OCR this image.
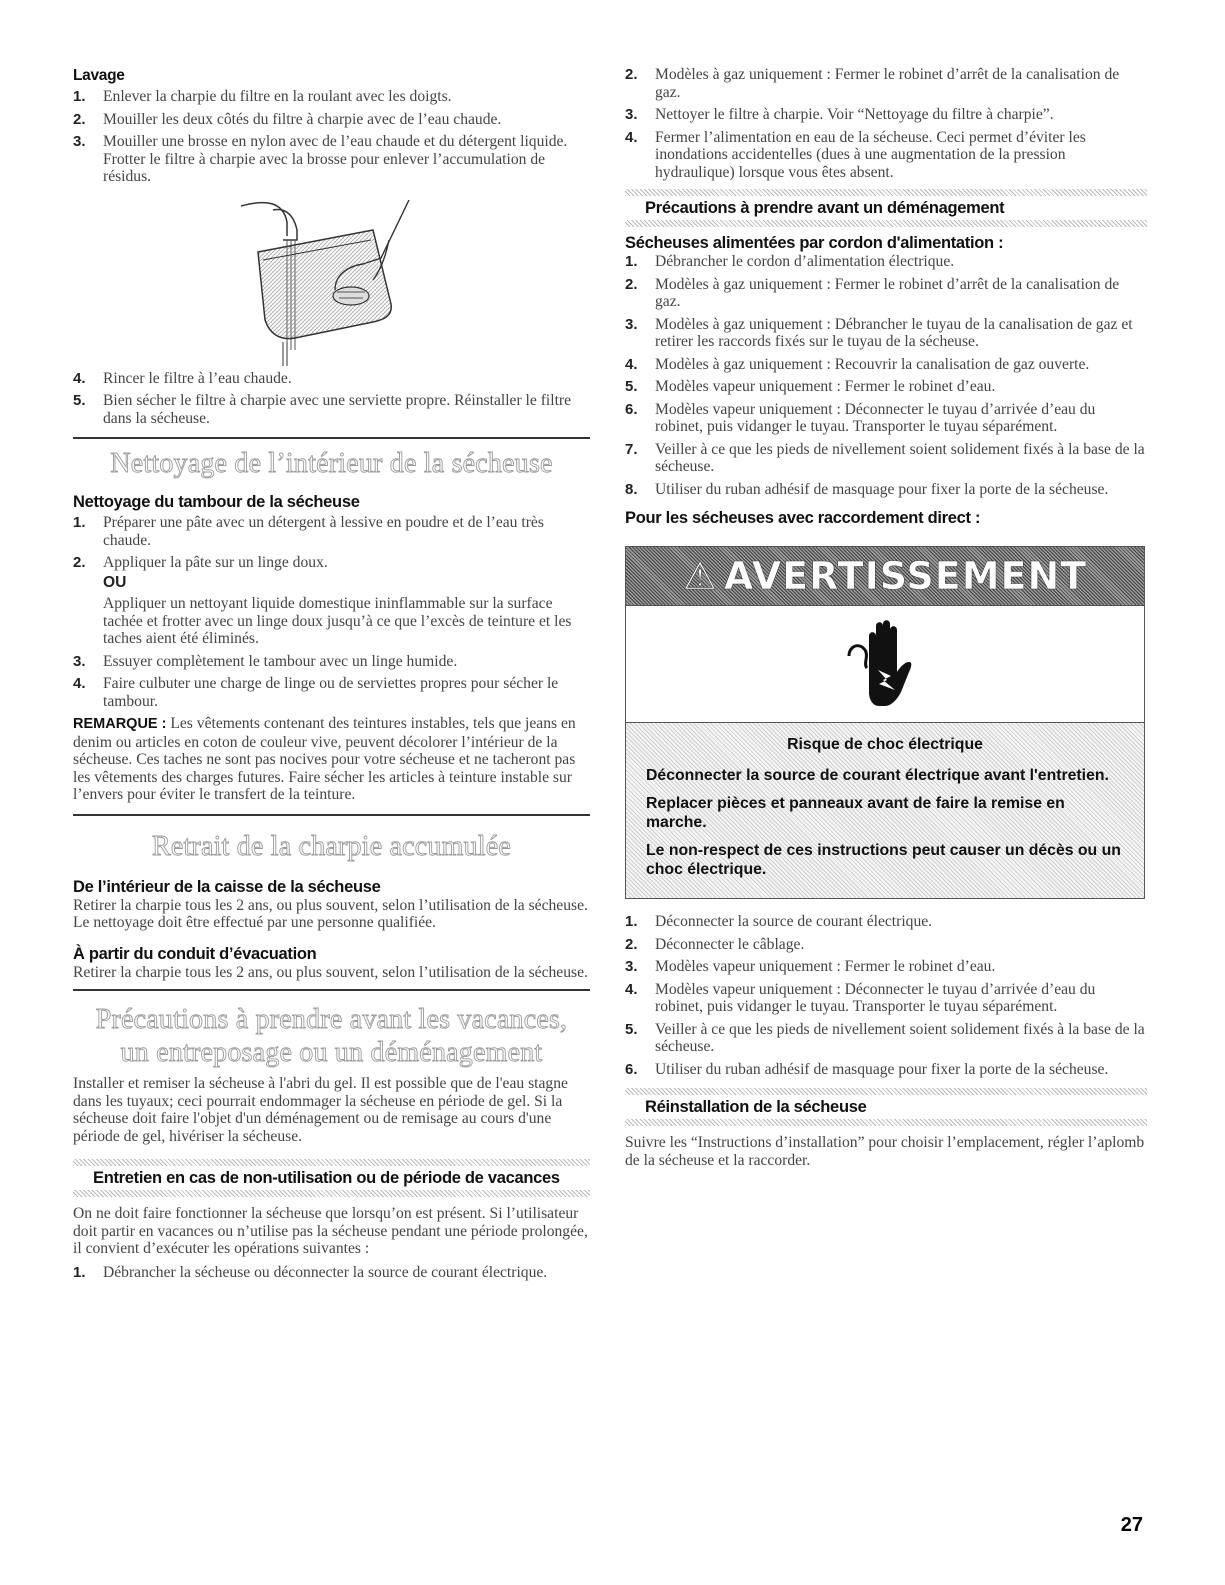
Lavage

1. Enlever la charpie du filtre en la roulant avec les doigts.
2. Mouiller les deux côtés du filtre à charpie avec de l’eau chaude.
3. Mouiller une brosse en nylon avec de l’eau chaude et du détergent liquide. Frotter le filtre à charpie avec la brosse pour enlever l’accumulation de résidus.
4. Rincer le filtre à l’eau chaude.
5. Bien sécher le filtre à charpie avec une serviette propre. Réinstaller le filtre dans la sécheuse.
Nettoyage de l’intérieur de la sécheuse

Nettoyage du tambour de la sécheuse

1. Préparer une pâte avec un détergent à lessive en poudre et de l’eau très chaude.
2. Appliquer la pâte sur un linge doux.
OU
Appliquer un nettoyant liquide domestique ininflammable sur la surface tachée et frotter avec un linge doux jusqu’à ce que l’excès de teinture et les taches aient été éliminés.
3. Essuyer complètement le tambour avec un linge humide.
4. Faire culbuter une charge de linge ou de serviettes propres pour sécher le tambour.

REMARQUE : Les vêtements contenant des teintures instables, tels que jeans en denim ou articles en coton de couleur vive, peuvent décolorer l’intérieur de la sécheuse. Ces taches ne sont pas nocives pour votre sécheuse et ne tacheront pas les vêtements des charges futures. Faire sécher les articles à teinture instable sur l’envers pour éviter le transfert de la teinture.

Retrait de la charpie accumulée

De l’intérieur de la caisse de la sécheuse

Retirer la charpie tous les 2 ans, ou plus souvent, selon l’utilisation de la sécheuse. Le nettoyage doit être effectué par une personne qualifiée.

À partir du conduit d’évacuation

Retirer la charpie tous les 2 ans, ou plus souvent, selon l’utilisation de la sécheuse.

Précautions à prendre avant les vacances, un entreposage ou un déménagement

Installer et remiser la sécheuse à l'abri du gel. Il est possible que de l'eau stagne dans les tuyaux; ceci pourrait endommager la sécheuse en période de gel. Si la sécheuse doit faire l'objet d'un déménagement ou de remisage au cours d'une période de gel, hivériser la sécheuse.

Entretien en cas de non-utilisation ou de période de vacances

On ne doit faire fonctionner la sécheuse que lorsqu’on est présent. Si l’utilisateur doit partir en vacances ou n’utilise pas la sécheuse pendant une période prolongée, il convient d’exécuter les opérations suivantes :

1. Débrancher la sécheuse ou déconnecter la source de courant électrique.
2. Modèles à gaz uniquement : Fermer le robinet d’arrêt de la canalisation de gaz.
3. Nettoyer le filtre à charpie. Voir “Nettoyage du filtre à charpie”.
4. Fermer l’alimentation en eau de la sécheuse. Ceci permet d’éviter les inondations accidentelles (dues à une augmentation de la pression hydraulique) lorsque vous êtes absent.
Précautions à prendre avant un déménagement

Sécheuses alimentées par cordon d'alimentation :

1. Débrancher le cordon d’alimentation électrique.
2. Modèles à gaz uniquement : Fermer le robinet d’arrêt de la canalisation de gaz.
3. Modèles à gaz uniquement : Débrancher le tuyau de la canalisation de gaz et retirer les raccords fixés sur le tuyau de la sécheuse.
4. Modèles à gaz uniquement : Recouvrir la canalisation de gaz ouverte.
5. Modèles vapeur uniquement : Fermer le robinet d’eau.
6. Modèles vapeur uniquement : Déconnecter le tuyau d’arrivée d’eau du robinet, puis vidanger le tuyau. Transporter le tuyau séparément.
7. Veiller à ce que les pieds de nivellement soient solidement fixés à la base de la sécheuse.
8. Utiliser du ruban adhésif de masquage pour fixer la porte de la sécheuse.

Pour les sécheuses avec raccordement direct :

⚠ AVERTISSEMENT

Risque de choc électrique

Déconnecter la source de courant électrique avant l'entretien.

Replacer pièces et panneaux avant de faire la remise en marche.

Le non-respect de ces instructions peut causer un décès ou un choc électrique.

1. Déconnecter la source de courant électrique.
2. Déconnecter le câblage.
3. Modèles vapeur uniquement : Fermer le robinet d’eau.
4. Modèles vapeur uniquement : Déconnecter le tuyau d’arrivée d’eau du robinet, puis vidanger le tuyau. Transporter le tuyau séparément.
5. Veiller à ce que les pieds de nivellement soient solidement fixés à la base de la sécheuse.
6. Utiliser du ruban adhésif de masquage pour fixer la porte de la sécheuse.
Réinstallation de la sécheuse

Suivre les “Instructions d’installation” pour choisir l’emplacement, régler l’aplomb de la sécheuse et la raccorder.

27
